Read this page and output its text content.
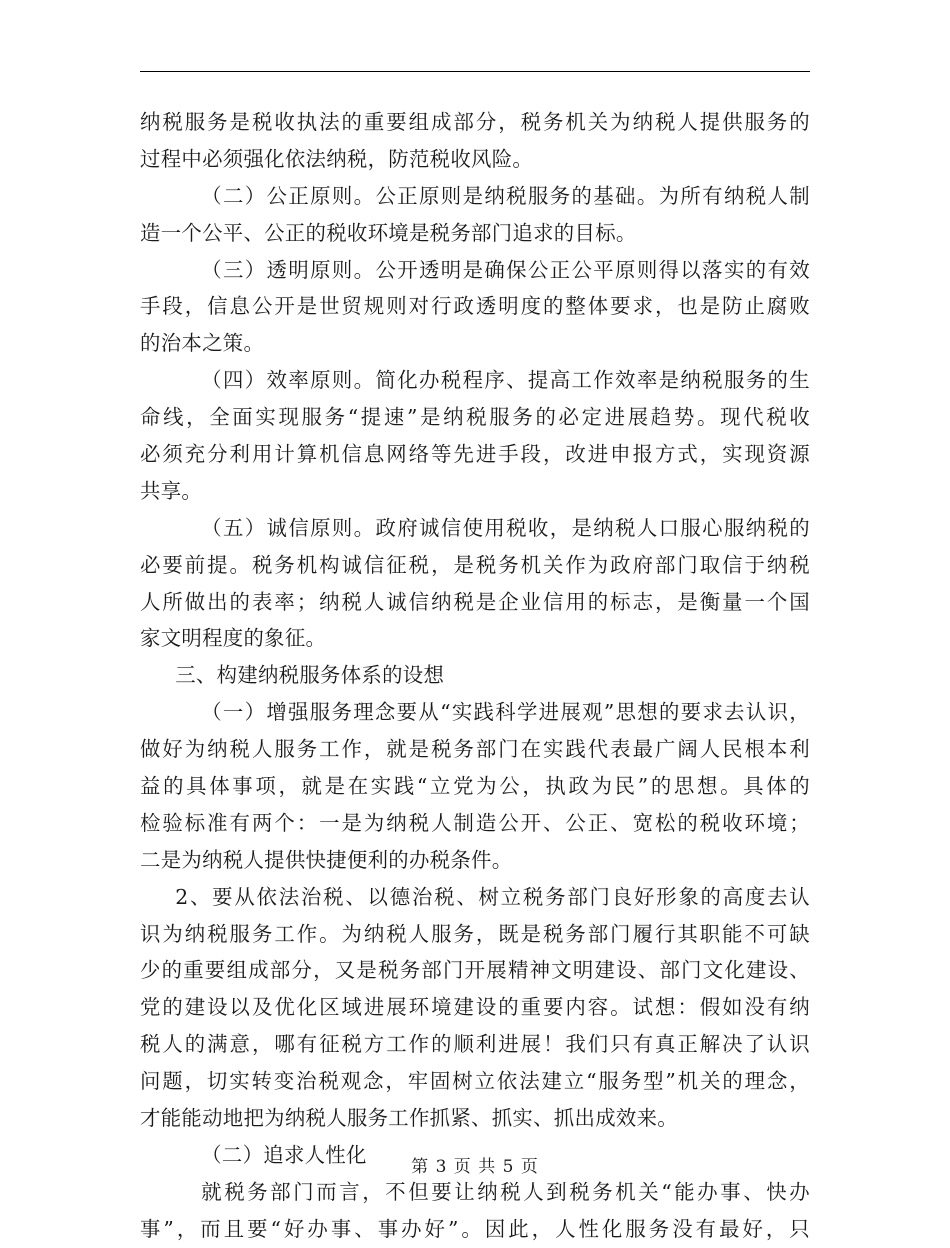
纳税服务是税收执法的重要组成部分，税务机关为纳税人提供服务的
过程中必须强化依法纳税，防范税收风险。
（二）公正原则。公正原则是纳税服务的基础。为所有纳税人制
造一个公平、公正的税收环境是税务部门追求的目标。
（三）透明原则。公开透明是确保公正公平原则得以落实的有效
手段，信息公开是世贸规则对行政透明度的整体要求，也是防止腐败
的治本之策。
（四）效率原则。简化办税程序、提高工作效率是纳税服务的生
命线，全面实现服务“提速”是纳税服务的必定进展趋势。现代税收
必须充分利用计算机信息网络等先进手段，改进申报方式，实现资源
共享。
（五）诚信原则。政府诚信使用税收，是纳税人口服心服纳税的
必要前提。税务机构诚信征税，是税务机关作为政府部门取信于纳税
人所做出的表率；纳税人诚信纳税是企业信用的标志，是衡量一个国
家文明程度的象征。
三、构建纳税服务体系的设想
（一）增强服务理念要从“实践科学进展观”思想的要求去认识，
做好为纳税人服务工作，就是税务部门在实践代表最广阔人民根本利
益的具体事项，就是在实践“立党为公，执政为民”的思想。具体的
检验标准有两个：一是为纳税人制造公开、公正、宽松的税收环境；
二是为纳税人提供快捷便利的办税条件。
2、要从依法治税、以德治税、树立税务部门良好形象的高度去认
识为纳税服务工作。为纳税人服务，既是税务部门履行其职能不可缺
少的重要组成部分，又是税务部门开展精神文明建设、部门文化建设、
党的建设以及优化区域进展环境建设的重要内容。试想：假如没有纳
税人的满意，哪有征税方工作的顺利进展！我们只有真正解决了认识
问题，切实转变治税观念，牢固树立依法建立“服务型”机关的理念，
才能能动地把为纳税人服务工作抓紧、抓实、抓出成效来。
（二）追求人性化
就税务部门而言，不但要让纳税人到税务机关“能办事、快办
事”，而且要“好办事、事办好”。因此，人性化服务没有最好，只
第 3 页 共 5 页
